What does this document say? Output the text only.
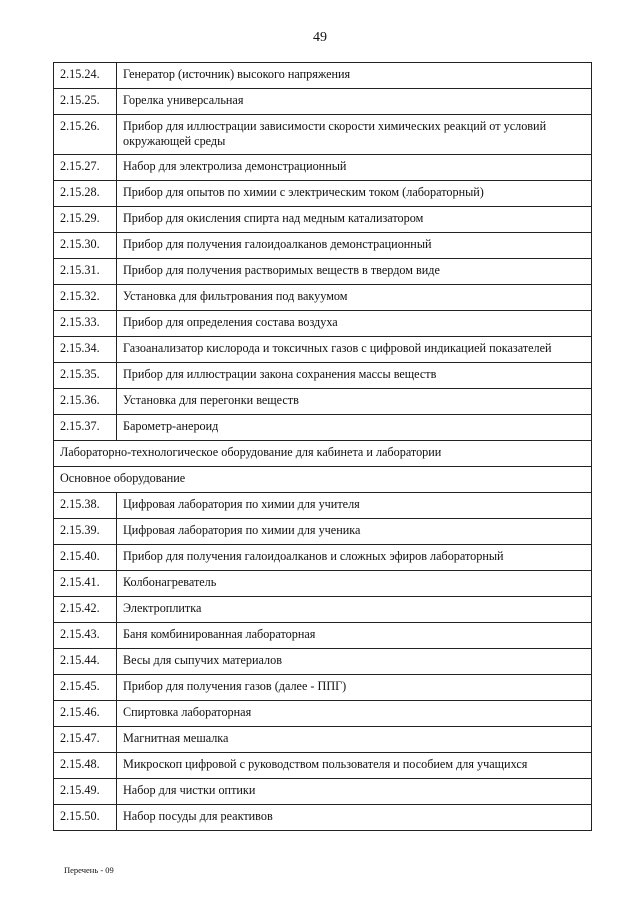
49
2.15.24.	Генератор (источник) высокого напряжения
2.15.25.	Горелка универсальная
2.15.26.	Прибор для иллюстрации зависимости скорости химических реакций от условий окружающей среды
2.15.27.	Набор для электролиза демонстрационный
2.15.28.	Прибор для опытов по химии с электрическим током (лабораторный)
2.15.29.	Прибор для окисления спирта над медным катализатором
2.15.30.	Прибор для получения галоидоалканов демонстрационный
2.15.31.	Прибор для получения растворимых веществ в твердом виде
2.15.32.	Установка для фильтрования под вакуумом
2.15.33.	Прибор для определения состава воздуха
2.15.34.	Газоанализатор кислорода и токсичных газов с цифровой индикацией показателей
2.15.35.	Прибор для иллюстрации закона сохранения массы веществ
2.15.36.	Установка для перегонки веществ
2.15.37.	Барометр-анероид
Лабораторно-технологическое оборудование для кабинета и лаборатории	
Основное оборудование	
2.15.38.	Цифровая лаборатория по химии для учителя
2.15.39.	Цифровая лаборатория по химии для ученика
2.15.40.	Прибор для получения галоидоалканов и сложных эфиров лабораторный
2.15.41.	Колбонагреватель
2.15.42.	Электроплитка
2.15.43.	Баня комбинированная лабораторная
2.15.44.	Весы для сыпучих материалов
2.15.45.	Прибор для получения газов (далее - ППГ)
2.15.46.	Спиртовка лабораторная
2.15.47.	Магнитная мешалка
2.15.48.	Микроскоп цифровой с руководством пользователя и пособием для учащихся
2.15.49.	Набор для чистки оптики
2.15.50.	Набор посуды для реактивов
Перечень - 09
